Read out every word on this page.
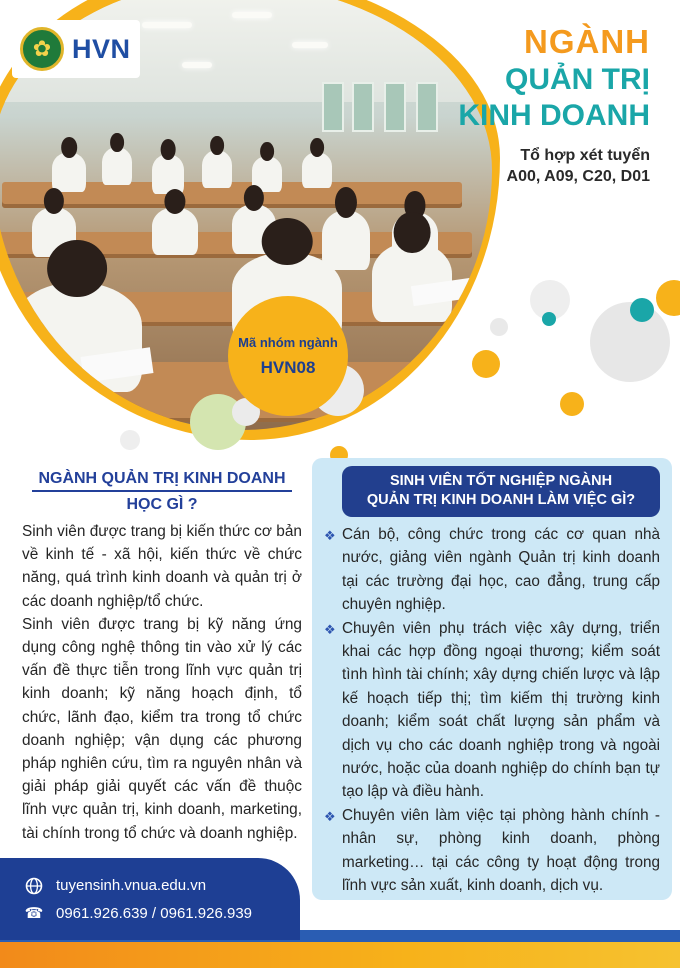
✿ HVN	NGÀNH
QUẢN TRỊ
KINH DOANH
Tổ hợp xét tuyển
A00, A09, C20, D01
Mã nhóm ngành
HVN08
NGÀNH QUẢN TRỊ KINH DOANH
HỌC GÌ ?

Sinh viên được trang bị kiến thức cơ bản về kinh tế - xã hội, kiến thức về chức năng, quá trình kinh doanh và quản trị ở các doanh nghiệp/tổ chức.

Sinh viên được trang bị kỹ năng ứng dụng công nghệ thông tin vào xử lý các vấn đề thực tiễn trong lĩnh vực quản trị kinh doanh; kỹ năng hoạch định, tổ chức, lãnh đạo, kiểm tra trong tổ chức doanh nghiệp; vận dụng các phương pháp nghiên cứu, tìm ra nguyên nhân và giải pháp giải quyết các vấn đề thuộc lĩnh vực quản trị, kinh doanh, marketing, tài chính trong tổ chức và doanh nghiệp.

SINH VIÊN TỐT NGHIỆP NGÀNH
QUẢN TRỊ KINH DOANH LÀM VIỆC GÌ?
❖ Cán bộ, công chức trong các cơ quan nhà nước, giảng viên ngành Quản trị kinh doanh tại các trường đại học, cao đẳng, trung cấp chuyên nghiệp.
❖ Chuyên viên phụ trách việc xây dựng, triển khai các hợp đồng ngoại thương; kiểm soát tình hình tài chính; xây dựng chiến lược và lập kế hoạch tiếp thị; tìm kiếm thị trường kinh doanh; kiểm soát chất lượng sản phẩm và dịch vụ cho các doanh nghiệp trong và ngoài nước, hoặc của doanh nghiệp do chính bạn tự tạo lập và điều hành.
❖ Chuyên viên làm việc tại phòng hành chính - nhân sự, phòng kinh doanh, phòng marketing… tại các công ty hoạt động trong lĩnh vực sản xuất, kinh doanh, dịch vụ.
tuyensinh.vnua.edu.vn
☎ 0961.926.639 / 0961.926.939
